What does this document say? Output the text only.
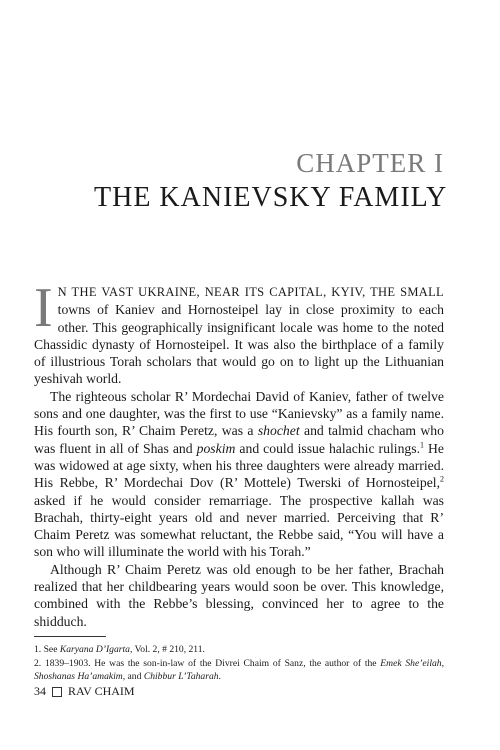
CHAPTER I
THE KANIEVSKY FAMILY

I N THE VAST UKRAINE, NEAR ITS CAPITAL, KYIV, THE SMALL towns of Kaniev and Hornosteipel lay in close proximity to each other. This geographically insignificant locale was home to the noted Chassidic dynasty of Hornosteipel. It was also the birthplace of a family of illustrious Torah scholars that would go on to light up the Lithuanian yeshivah world.

The righteous scholar R’ Mordechai David of Kaniev, father of twelve sons and one daughter, was the first to use “Kanievsky” as a family name. His fourth son, R’ Chaim Peretz, was a shochet and talmid chacham who was fluent in all of Shas and poskim and could issue halachic rulings.$^1$ He was widowed at age sixty, when his three daughters were already married. His Rebbe, R’ Mordechai Dov (R’ Mottele) Twerski of Hornosteipel,$^2$ asked if he would consider remarriage. The prospective kallah was Brachah, thirty-eight years old and never married. Perceiving that R’ Chaim Peretz was somewhat reluctant, the Rebbe said, “You will have a son who will illuminate the world with his Torah.”

Although R’ Chaim Peretz was old enough to be her father, Brachah realized that her childbearing years would soon be over. This knowledge, combined with the Rebbe’s blessing, convinced her to agree to the shidduch.

1. See Karyana D’Igarta, Vol. 2, # 210, 211.

2. 1839–1903. He was the son-in-law of the Divrei Chaim of Sanz, the author of the Emek She’eilah, Shoshanas Ha’amakim, and Chibbur L’Taharah.

34 RAV CHAIM
